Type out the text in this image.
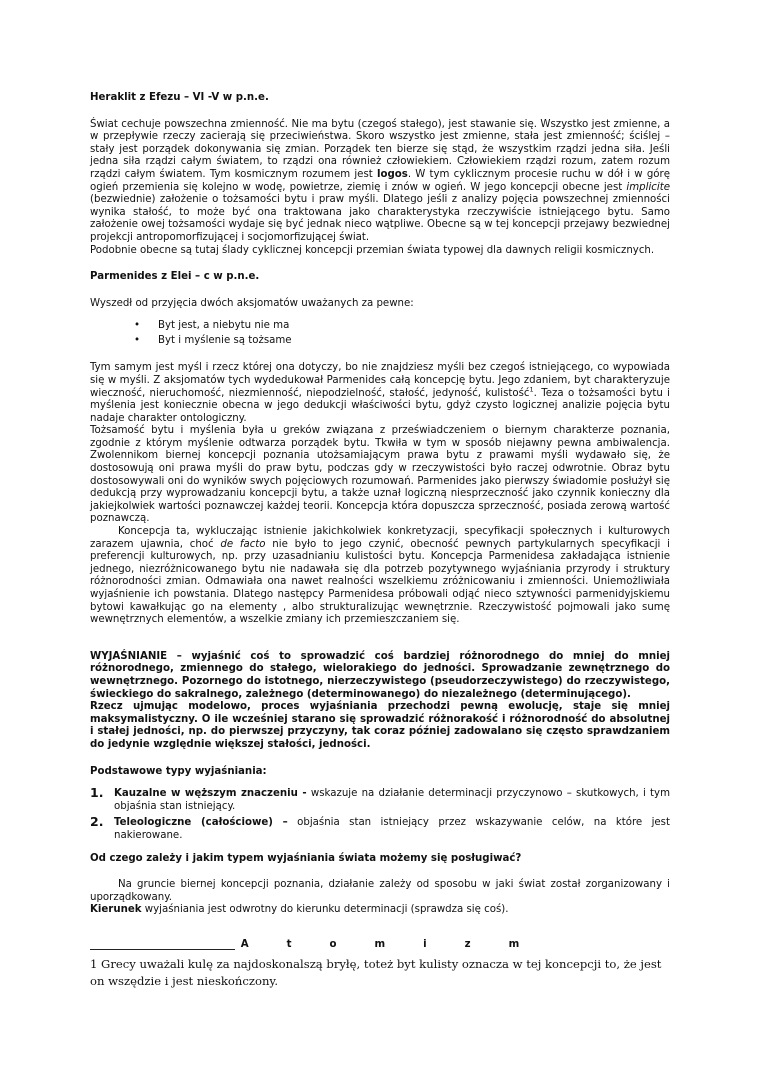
Heraklit z Efezu – VI -V w p.n.e.

Świat cechuje powszechna zmienność. Nie ma bytu (czegoś stałego), jest stawanie się. Wszystko jest zmienne, a w przepływie rzeczy zacierają się przeciwieństwa. Skoro wszystko jest zmienne, stała jest zmienność; ściślej – stały jest porządek dokonywania się zmian. Porządek ten bierze się stąd, że wszystkim rządzi jedna siła. Jeśli jedna siła rządzi całym światem, to rządzi ona również człowiekiem. Człowiekiem rządzi rozum, zatem rozum rządzi całym światem. Tym kosmicznym rozumem jest logos. W tym cyklicznym procesie ruchu w dół i w górę ogień przemienia się kolejno w wodę, powietrze, ziemię i znów w ogień. W jego koncepcji obecne jest implicite (bezwiednie) założenie o tożsamości bytu i praw myśli. Dlatego jeśli z analizy pojęcia powszechnej zmienności wynika stałość, to może być ona traktowana jako charakterystyka rzeczywiście istniejącego bytu. Samo założenie owej tożsamości wydaje się być jednak nieco wątpliwe. Obecne są w tej koncepcji przejawy bezwiednej projekcji antropomorfizującej i socjomorfizującej świat.

Podobnie obecne są tutaj ślady cyklicznej koncepcji przemian świata typowej dla dawnych religii kosmicznych.

Parmenides z Elei – c w p.n.e.

Wyszedł od przyjęcia dwóch aksjomatów uważanych za pewne:

• Byt jest, a niebytu nie ma
• Byt i myślenie są tożsame

Tym samym jest myśl i rzecz której ona dotyczy, bo nie znajdziesz myśli bez czegoś istniejącego, co wypowiada się w myśli. Z aksjomatów tych wydedukował Parmenides całą koncepcję bytu. Jego zdaniem, byt charakteryzuje wieczność, nieruchomość, niezmienność, niepodzielność, stałość, jedyność, kulistość$^1$. Teza o tożsamości bytu i myślenia jest koniecznie obecna w jego dedukcji właściwości bytu, gdyż czysto logicznej analizie pojęcia bytu nadaje charakter ontologiczny.

Tożsamość bytu i myślenia była u greków związana z przeświadczeniem o biernym charakterze poznania, zgodnie z którym myślenie odtwarza porządek bytu. Tkwiła w tym w sposób niejawny pewna ambiwalencja. Zwolennikom biernej koncepcji poznania utożsamiającym prawa bytu z prawami myśli wydawało się, że dostosowują oni prawa myśli do praw bytu, podczas gdy w rzeczywistości było raczej odwrotnie. Obraz bytu dostosowywali oni do wyników swych pojęciowych rozumowań. Parmenides jako pierwszy świadomie posłużył się dedukcją przy wyprowadzaniu koncepcji bytu, a także uznał logiczną niesprzeczność jako czynnik konieczny dla jakiejkolwiek wartości poznawczej każdej teorii. Koncepcja która dopuszcza sprzeczność, posiada zerową wartość poznawczą.

Koncepcja ta, wykluczając istnienie jakichkolwiek konkretyzacji, specyfikacji społecznych i kulturowych zarazem ujawnia, choć de facto nie było to jego czynić, obecność pewnych partykularnych specyfikacji i preferencji kulturowych, np. przy uzasadnianiu kulistości bytu. Koncepcja Parmenidesa zakładająca istnienie jednego, niezróżnicowanego bytu nie nadawała się dla potrzeb pozytywnego wyjaśniania przyrody i struktury różnorodności zmian. Odmawiała ona nawet realności wszelkiemu zróżnicowaniu i zmienności. Uniemożliwiała wyjaśnienie ich powstania. Dlatego następcy Parmenidesa próbowali odjąć nieco sztywności parmenidyjskiemu bytowi kawałkując go na elementy , albo strukturalizując wewnętrznie. Rzeczywistość pojmowali jako sumę wewnętrznych elementów, a wszelkie zmiany ich przemieszczaniem się.

WYJAŚNIANIE – wyjaśnić coś to sprowadzić coś bardziej różnorodnego do mniej do mniej różnorodnego, zmiennego do stałego, wielorakiego do jedności. Sprowadzanie zewnętrznego do wewnętrznego. Pozornego do istotnego, nierzeczywistego (pseudorzeczywistego) do rzeczywistego, świeckiego do sakralnego, zależnego (determinowanego) do niezależnego (determinującego).

Rzecz ujmując modelowo, proces wyjaśniania przechodzi pewną ewolucję, staje się mniej maksymalistyczny. O ile wcześniej starano się sprowadzić różnorakość i różnorodność do absolutnej i stałej jedności, np. do pierwszej przyczyny, tak coraz później zadowalano się często sprawdzaniem do jedynie względnie większej stałości, jedności.

Podstawowe typy wyjaśniania:

1. Kauzalne w węższym znaczeniu - wskazuje na działanie determinacji przyczynowo – skutkowych, i tym objaśnia stan istniejący.
2. Teleologiczne (całościowe) – objaśnia stan istniejący przez wskazywanie celów, na które jest nakierowane.

Od czego zależy i jakim typem wyjaśniania świata możemy się posługiwać?

Na gruncie biernej koncepcji poznania, działanie zależy od sposobu w jaki świat został zorganizowany i uporządkowany.

Kierunek wyjaśniania jest odwrotny do kierunku determinacji (sprawdza się coś).

Atomizm

1 Grecy uważali kulę za najdoskonalszą bryłę, toteż byt kulisty oznacza w tej koncepcji to, że jest on wszędzie i jest nieskończony.
